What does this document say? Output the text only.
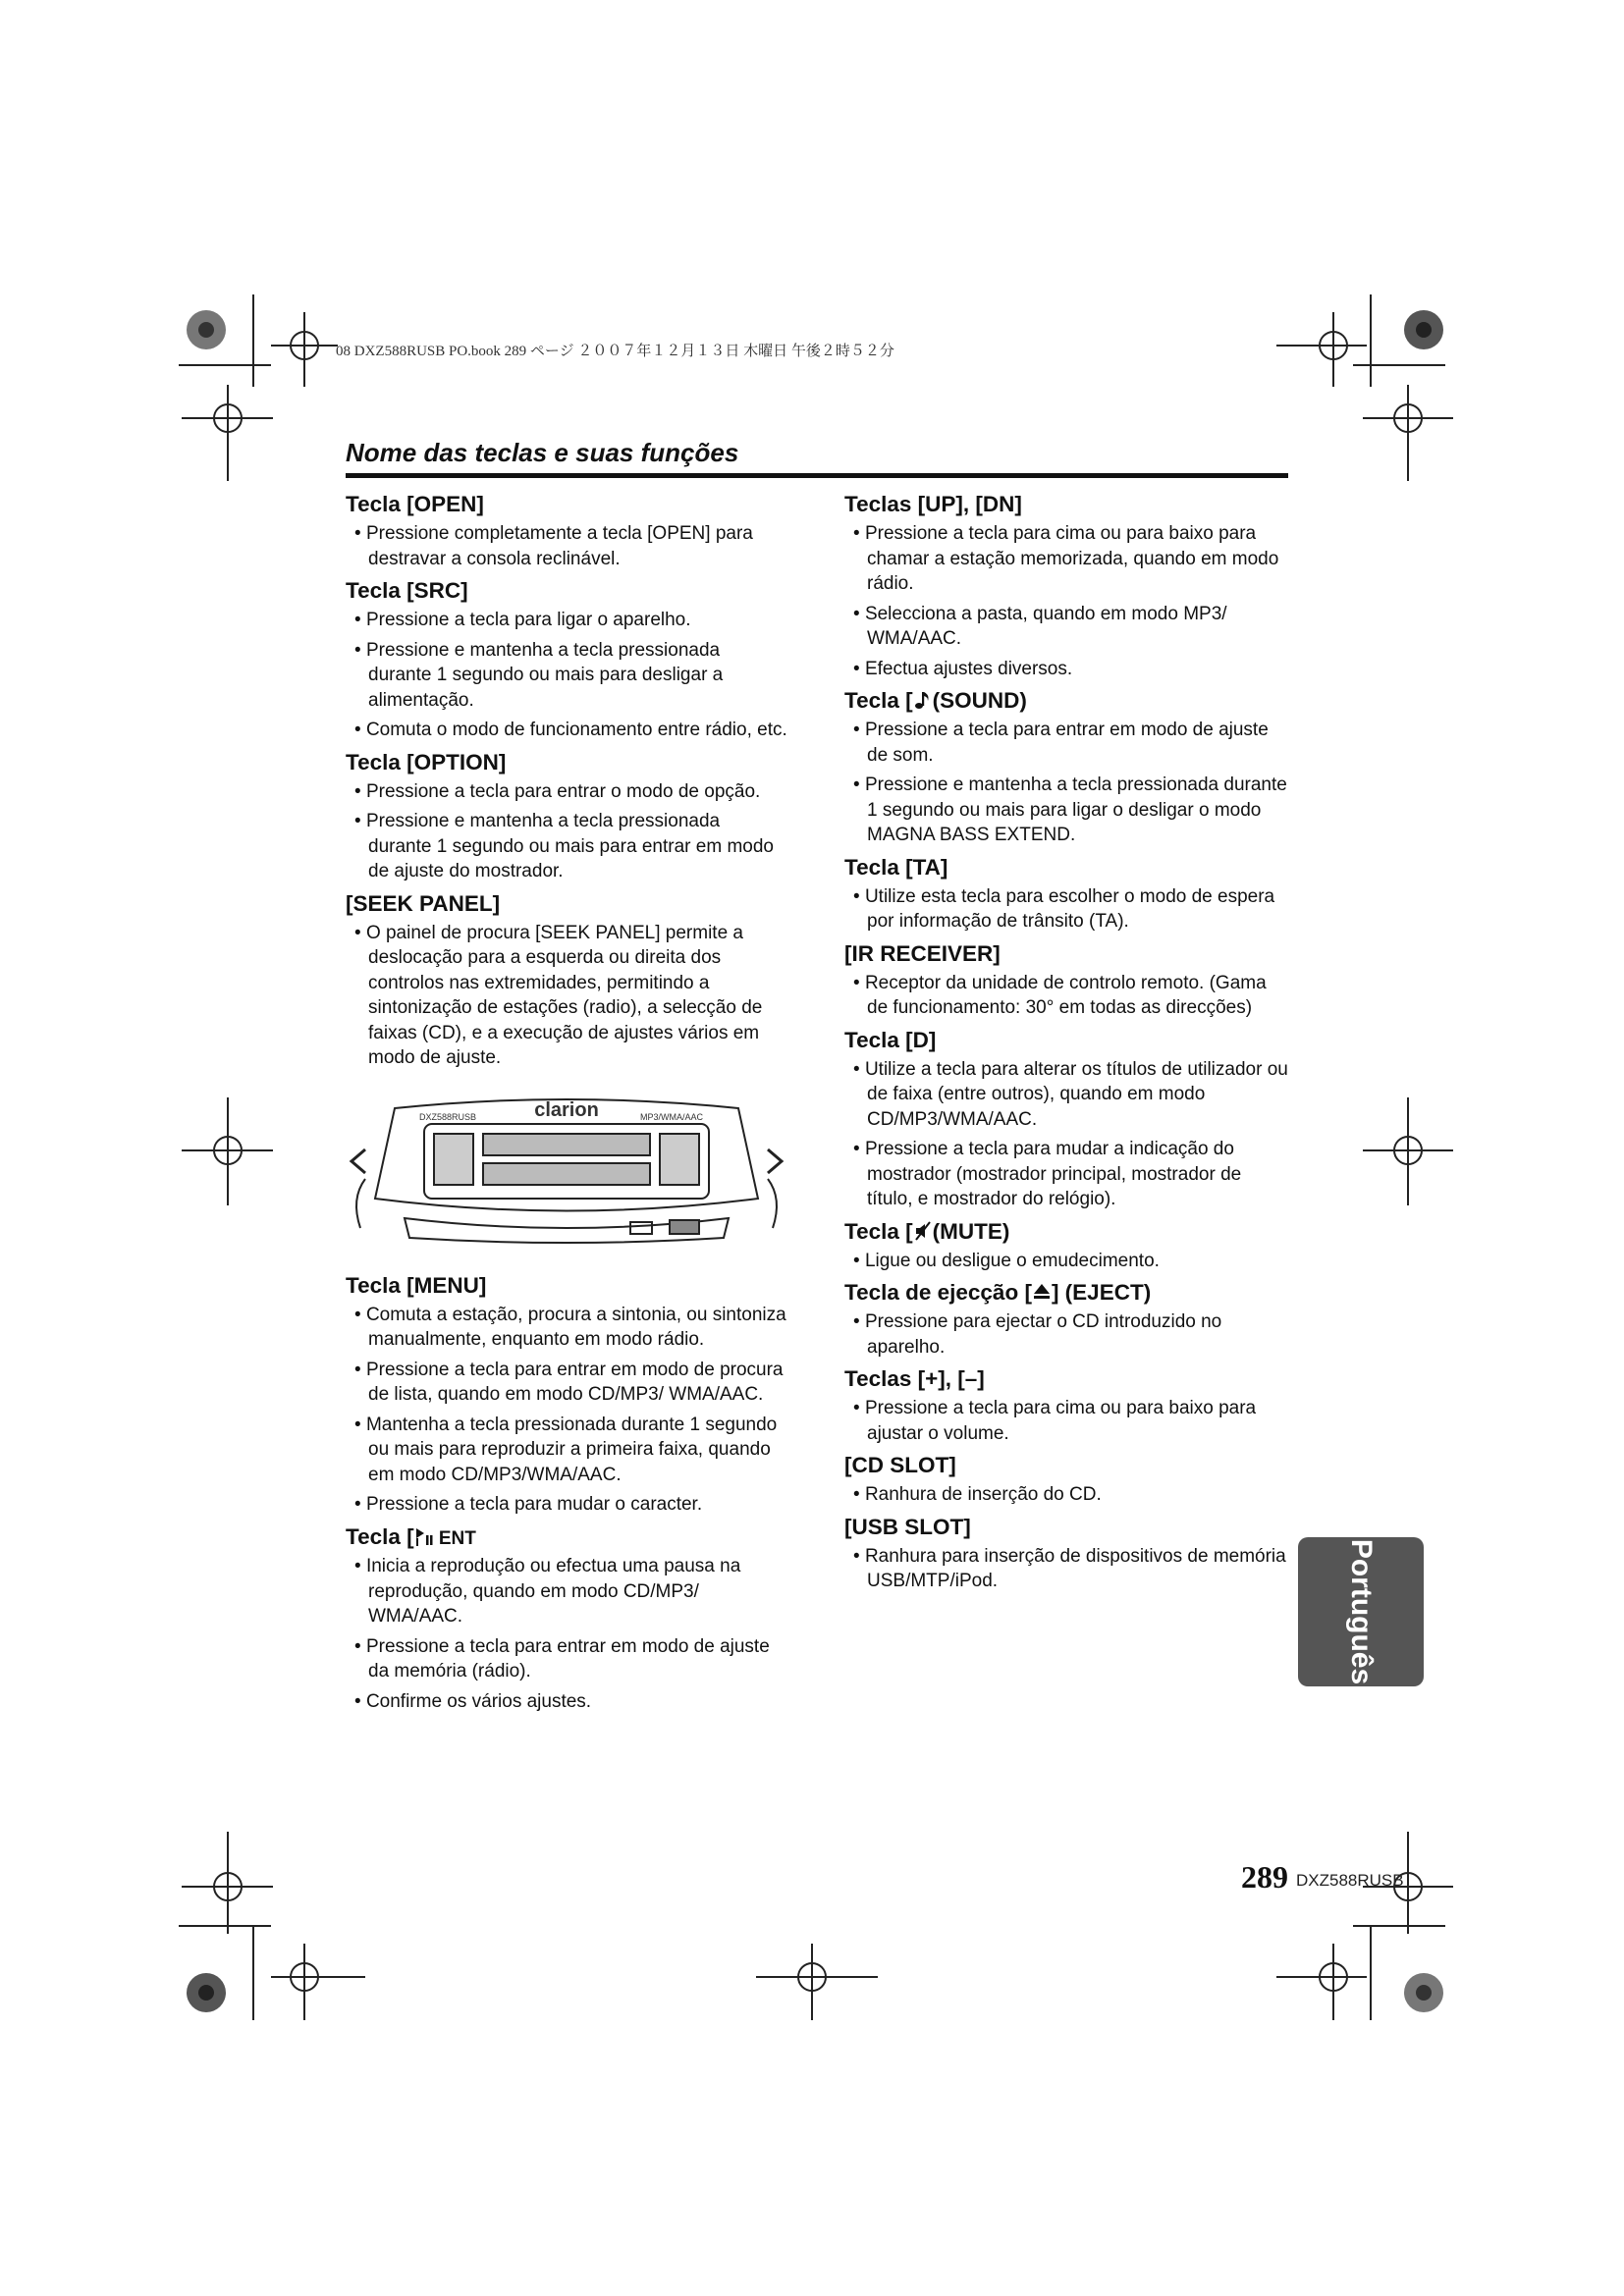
08 DXZ588RUSB PO.book 289 ページ ２００７年１２月１３日 木曜日 午後２時５２分
Nome das teclas e suas funções
Tecla [OPEN]
• Pressione completamente a tecla [OPEN] para destravar a consola reclinável.
Tecla [SRC]
• Pressione a tecla para ligar o aparelho.
• Pressione e mantenha a tecla pressionada durante 1 segundo ou mais para desligar a alimentação.
• Comuta o modo de funcionamento entre rádio, etc.
Tecla [OPTION]
• Pressione a tecla para entrar o modo de opção.
• Pressione e mantenha a tecla pressionada durante 1 segundo ou mais para entrar em modo de ajuste do mostrador.
[SEEK PANEL]
• O painel de procura [SEEK PANEL] permite a deslocação para a esquerda ou direita dos controlos nas extremidades, permitindo a sintonização de estações (radio), a selecção de faixas (CD), e a execução de ajustes vários em modo de ajuste.
clarion
DXZ588RUSB	MP3/WMA/AAC
Tecla [MENU]
• Comuta a estação, procura a sintonia, ou sintoniza manualmente, enquanto em modo rádio.
• Pressione a tecla para entrar em modo de procura de lista, quando em modo CD/MP3/ WMA/AAC.
• Mantenha a tecla pressionada durante 1 segundo ou mais para reproduzir a primeira faixa, quando em modo CD/MP3/WMA/AAC.
• Pressione a tecla para mudar o caracter.
Tecla [ ENT
• Inicia a reprodução ou efectua uma pausa na reprodução, quando em modo CD/MP3/ WMA/AAC.
• Pressione a tecla para entrar em modo de ajuste da memória (rádio).
• Confirme os vários ajustes.
Teclas [UP], [DN]
• Pressione a tecla para cima ou para baixo para chamar a estação memorizada, quando em modo rádio.
• Selecciona a pasta, quando em modo MP3/ WMA/AAC.
• Efectua ajustes diversos.
Tecla [ (SOUND)
• Pressione a tecla para entrar em modo de ajuste de som.
• Pressione e mantenha a tecla pressionada durante 1 segundo ou mais para ligar o desligar o modo MAGNA BASS EXTEND.
Tecla [TA]
• Utilize esta tecla para escolher o modo de espera por informação de trânsito (TA).
[IR RECEIVER]
• Receptor da unidade de controlo remoto. (Gama de funcionamento: 30° em todas as direcções)
Tecla [D]
• Utilize a tecla para alterar os títulos de utilizador ou de faixa (entre outros), quando em modo CD/MP3/WMA/AAC.
• Pressione a tecla para mudar a indicação do mostrador (mostrador principal, mostrador de título, e mostrador do relógio).
Tecla [ (MUTE)
• Ligue ou desligue o emudecimento.
Tecla de ejecção [ ] (EJECT)
• Pressione para ejectar o CD introduzido no aparelho.
Teclas [+], [–]
• Pressione a tecla para cima ou para baixo para ajustar o volume.
[CD SLOT]
• Ranhura de inserção do CD.
[USB SLOT]
• Ranhura para inserção de dispositivos de memória USB/MTP/iPod.	Português
289 DXZ588RUSB
